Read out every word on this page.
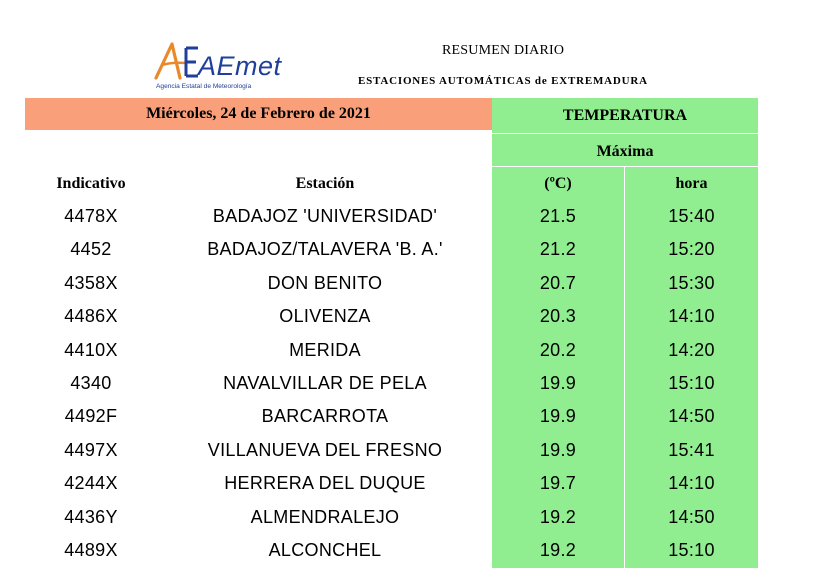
AEmet
Agencia Estatal de Meteorología
RESUMEN DIARIO
ESTACIONES AUTOMÁTICAS de EXTREMADURA
Miércoles, 24 de Febrero de 2021	TEMPERATURA
Máxima
Indicativo	Estación	(ºC)	hora
4478X	BADAJOZ 'UNIVERSIDAD'	21.5	15:40
4452	BADAJOZ/TALAVERA 'B. A.'	21.2	15:20
4358X	DON BENITO	20.7	15:30
4486X	OLIVENZA	20.3	14:10
4410X	MERIDA	20.2	14:20
4340	NAVALVILLAR DE PELA	19.9	15:10
4492F	BARCARROTA	19.9	14:50
4497X	VILLANUEVA DEL FRESNO	19.9	15:41
4244X	HERRERA DEL DUQUE	19.7	14:10
4436Y	ALMENDRALEJO	19.2	14:50
4489X	ALCONCHEL	19.2	15:10
